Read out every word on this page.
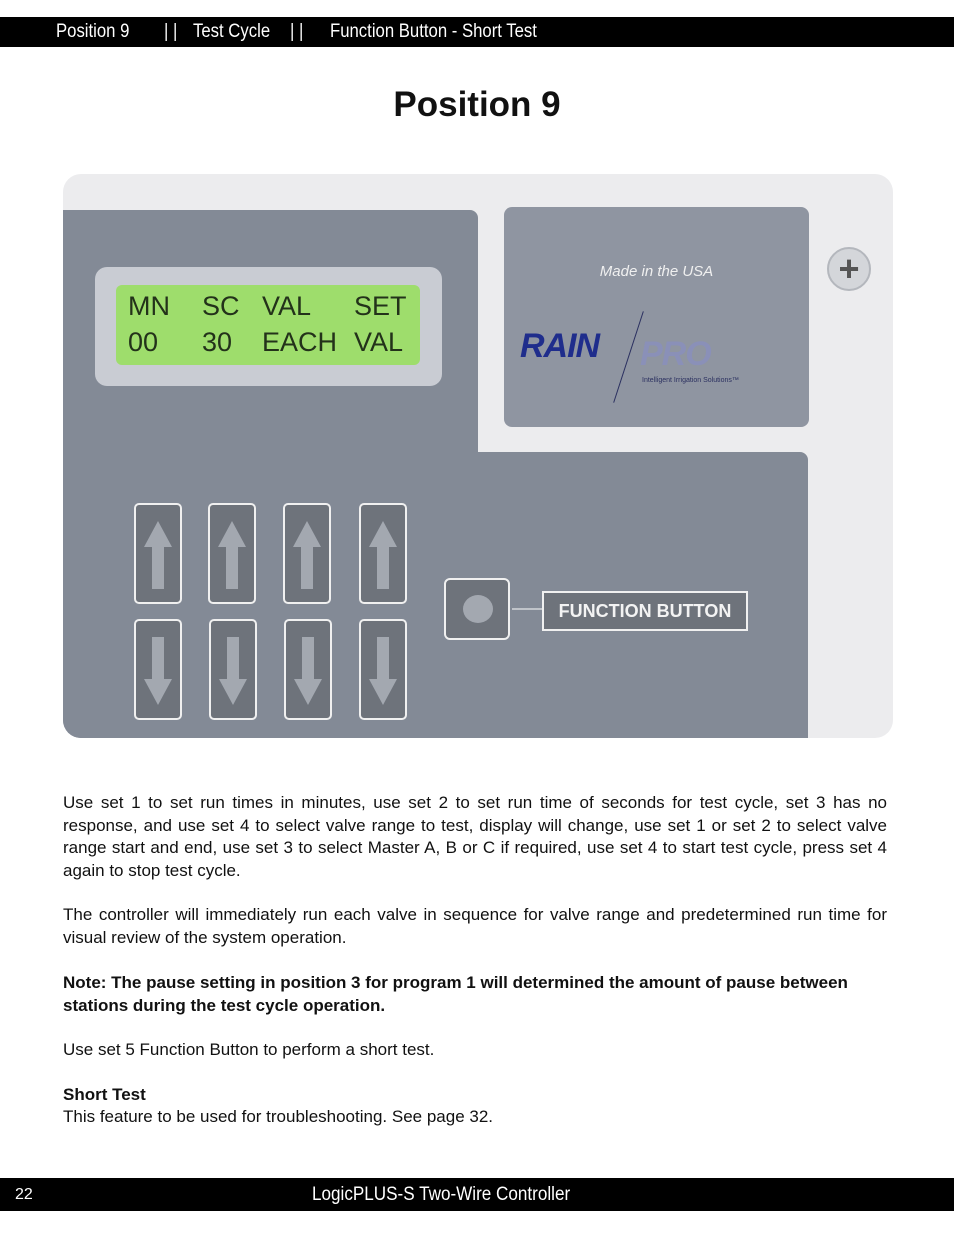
Position 9 | | Test Cycle | | Function Button - Short Test
Position 9
Made in the USA
RAIN PRO
Intelligent Irrigation Solutions™
+
MN SC VAL SET
00 30 EACH VAL
FUNCTION BUTTON

Use set 1 to set run times in minutes, use set 2 to set run time of seconds for test cycle, set 3 has no response, and use set 4 to select valve range to test, display will change, use set 1 or set 2 to select valve range start and end, use set 3 to select Master A, B or C if required, use set 4 to start test cycle, press set 4 again to stop test cycle.

The controller will immediately run each valve in sequence for valve range and predetermined run time for visual review of the system operation.

Note: The pause setting in position 3 for program 1 will determined the amount of pause between stations during the test cycle operation.

Use set 5 Function Button to perform a short test.

Short Test

This feature to be used for troubleshooting. See page 32.

22	LogicPLUS-S Two-Wire Controller
